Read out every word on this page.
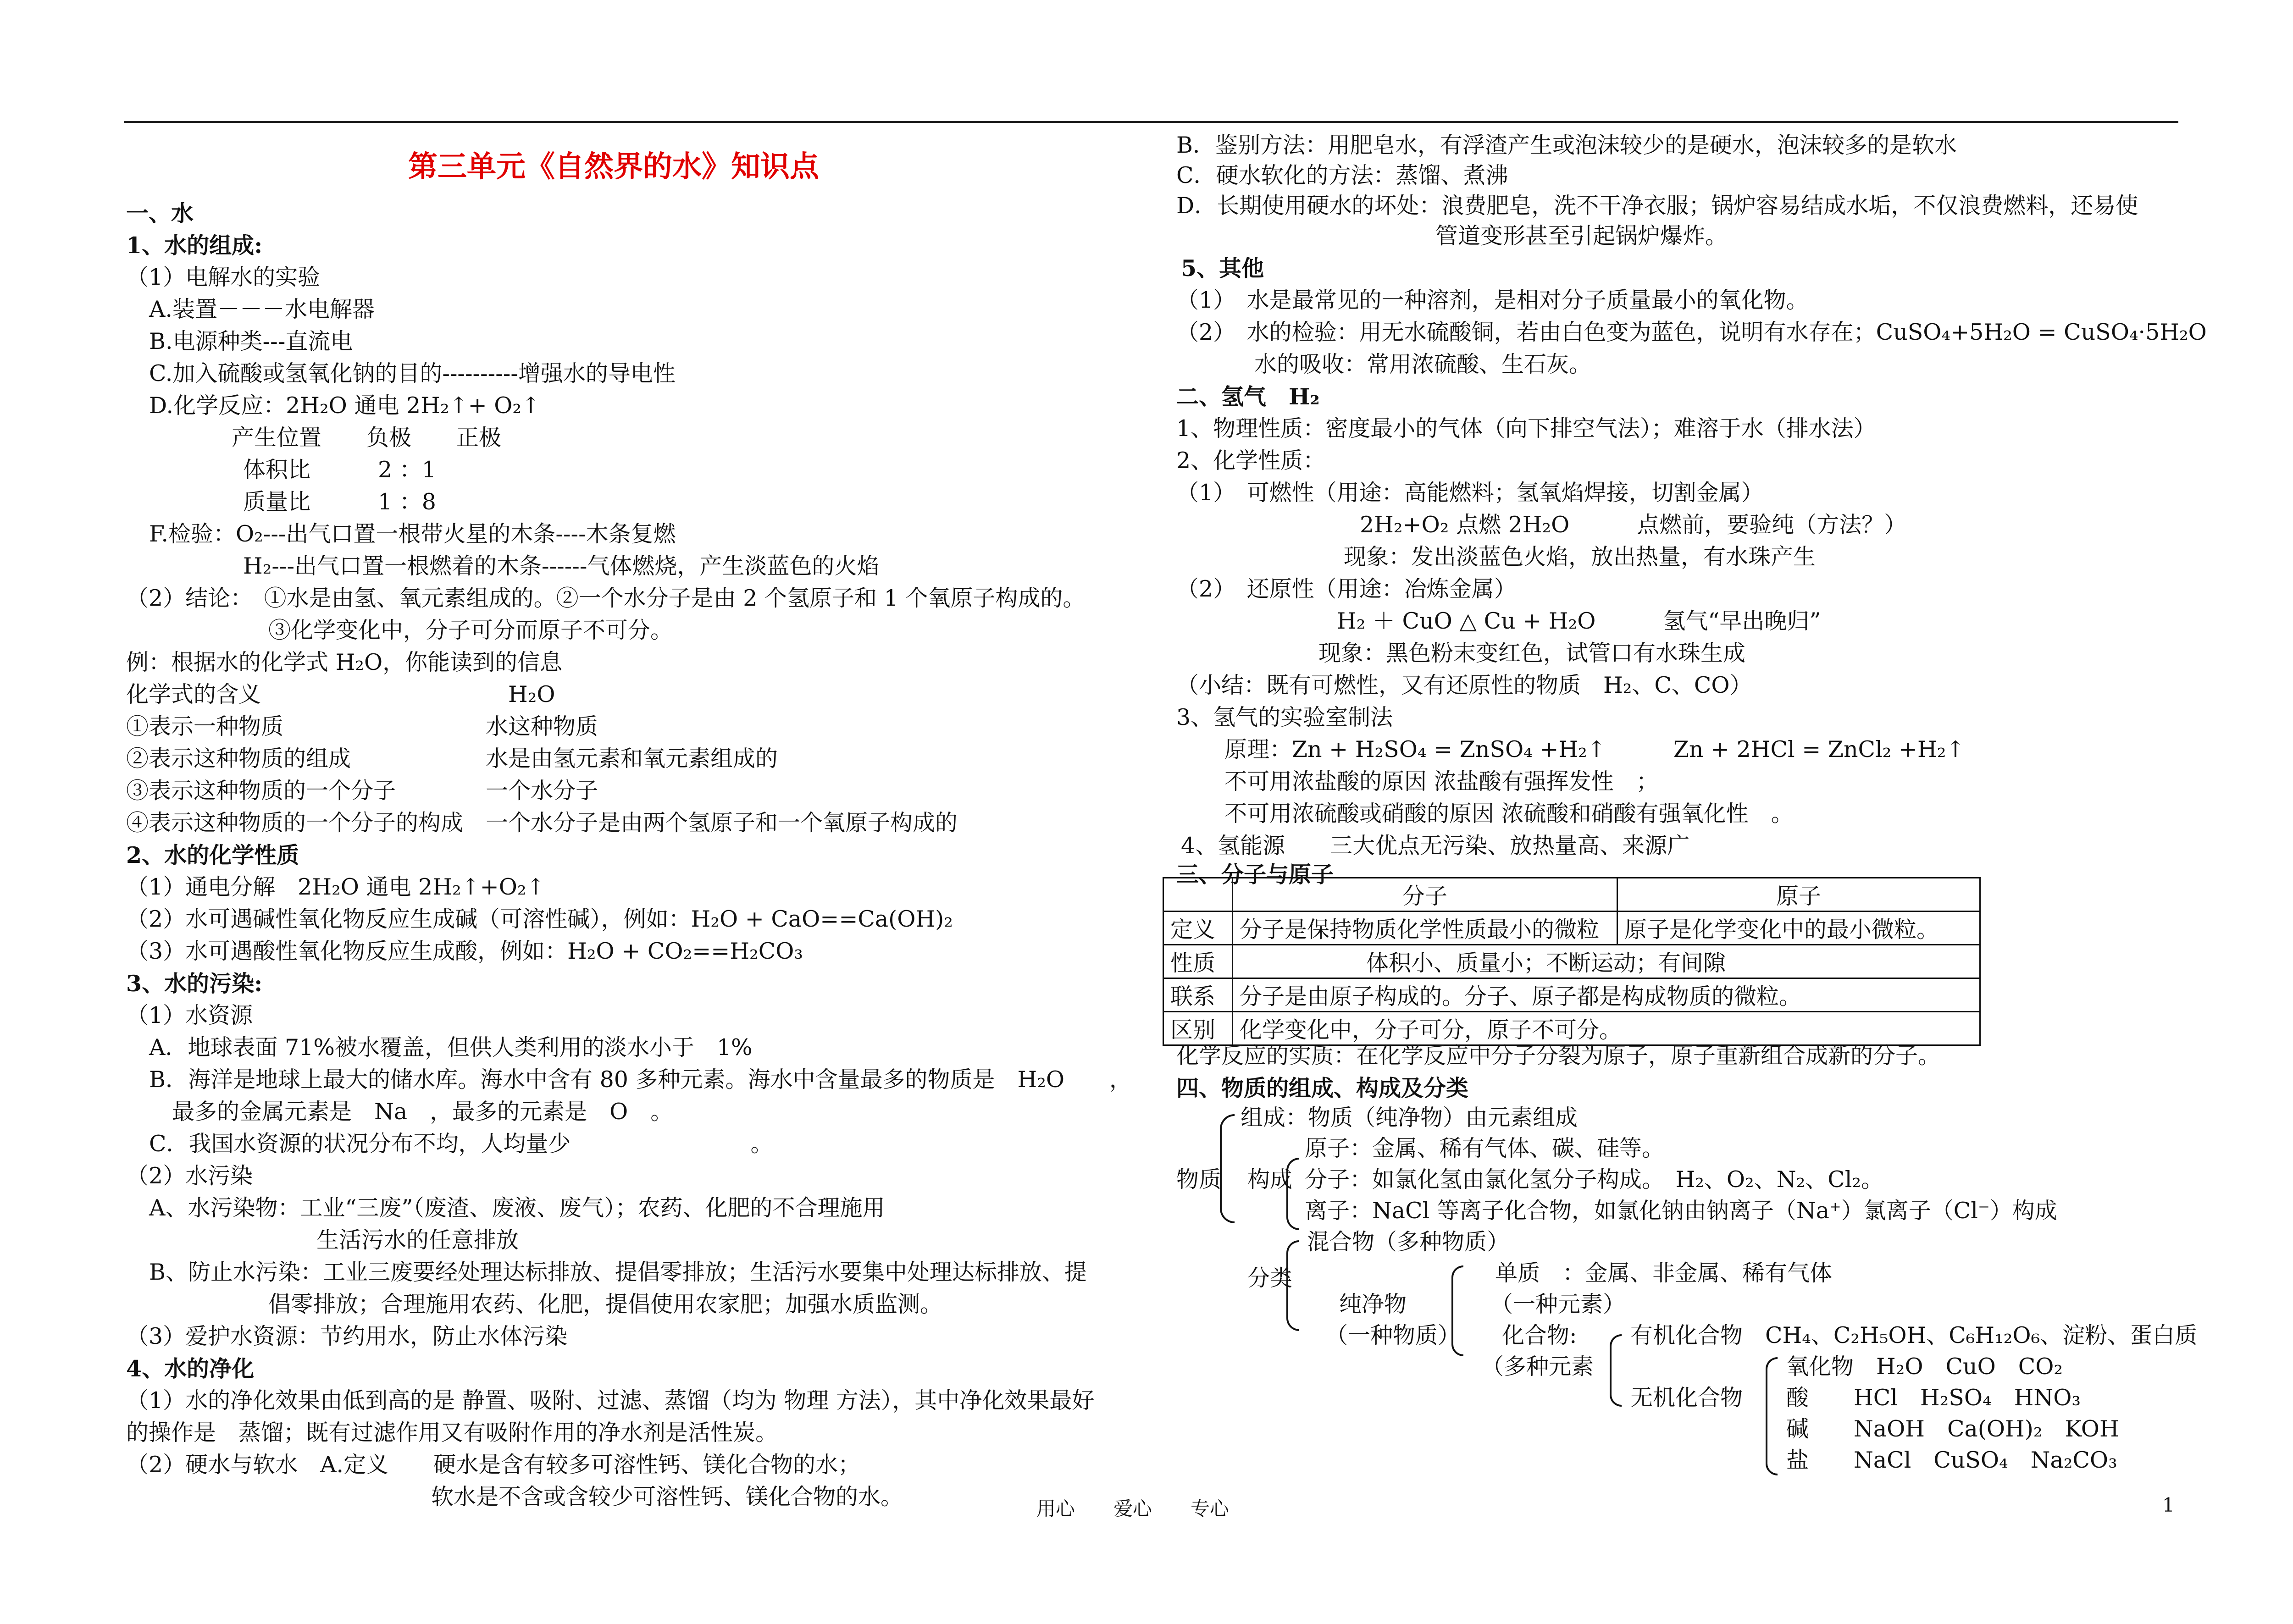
第三单元《自然界的水》知识点
一、水
1、水的组成:
（1）电解水的实验
A.装置－－－水电解器
B.电源种类---直流电
C.加入硫酸或氢氧化钠的目的----------增强水的导电性
D.化学反应：2H₂O 通电 2H₂↑+ O₂↑
产生位置　　负极　　正极
体积比　　　2 ：1
质量比　　　1 ：8
F.检验：O₂---出气口置一根带火星的木条----木条复燃
H₂---出气口置一根燃着的木条------气体燃烧，产生淡蓝色的火焰
（2）结论：　①水是由氢、氧元素组成的。②一个水分子是由 2 个氢原子和 1 个氧原子构成的。
③化学变化中，分子可分而原子不可分。
例：根据水的化学式 H₂O，你能读到的信息
化学式的含义　　　　　　　　　　　H₂O
①表示一种物质　　　　　　　　　水这种物质
②表示这种物质的组成　　　　　　水是由氢元素和氧元素组成的
③表示这种物质的一个分子　　　　一个水分子
④表示这种物质的一个分子的构成　一个水分子是由两个氢原子和一个氧原子构成的
2、水的化学性质
（1）通电分解　2H₂O 通电 2H₂↑+O₂↑
（2）水可遇碱性氧化物反应生成碱（可溶性碱），例如：H₂O + CaO==Ca(OH)₂
（3）水可遇酸性氧化物反应生成酸，例如：H₂O + CO₂==H₂CO₃
3、水的污染:
（1）水资源
A．地球表面 71%被水覆盖，但供人类利用的淡水小于　1%
B．海洋是地球上最大的储水库。海水中含有 80 多种元素。海水中含量最多的物质是　H₂O　　，
最多的金属元素是　Na　，最多的元素是　O　。
C．我国水资源的状况分布不均，人均量少　　　　　　　　。
（2）水污染
A、水污染物：工业“三废”（废渣、废液、废气）；农药、化肥的不合理施用
生活污水的任意排放
B、防止水污染：工业三废要经处理达标排放、提倡零排放；生活污水要集中处理达标排放、提
倡零排放；合理施用农药、化肥，提倡使用农家肥；加强水质监测。
（3）爱护水资源：节约用水，防止水体污染
4、水的净化
（1）水的净化效果由低到高的是 静置、吸附、过滤、蒸馏（均为 物理 方法），其中净化效果最好
的操作是　蒸馏；既有过滤作用又有吸附作用的净水剂是活性炭。
（2）硬水与软水　A.定义　　硬水是含有较多可溶性钙、镁化合物的水；
软水是不含或含较少可溶性钙、镁化合物的水。
B．鉴别方法：用肥皂水，有浮渣产生或泡沫较少的是硬水，泡沫较多的是软水
C．硬水软化的方法：蒸馏、煮沸
D．长期使用硬水的坏处：浪费肥皂，洗不干净衣服；锅炉容易结成水垢，不仅浪费燃料，还易使
管道变形甚至引起锅炉爆炸。
5、其他
（1）　水是最常见的一种溶剂，是相对分子质量最小的氧化物。
（2）　水的检验：用无水硫酸铜，若由白色变为蓝色，说明有水存在；CuSO₄+5H₂O = CuSO₄·5H₂O
水的吸收：常用浓硫酸、生石灰。
二、氢气　H₂
1、物理性质：密度最小的气体（向下排空气法）；难溶于水（排水法）
2、化学性质：
（1）　可燃性（用途：高能燃料；氢氧焰焊接，切割金属）
2H₂+O₂ 点燃 2H₂O　　　点燃前，要验纯（方法？）
现象：发出淡蓝色火焰，放出热量，有水珠产生
（2）　还原性（用途：冶炼金属）
H₂ ＋ CuO △ Cu + H₂O　　　氢气“早出晚归”
现象：黑色粉末变红色，试管口有水珠生成
（小结：既有可燃性，又有还原性的物质　H₂、C、CO）
3、氢气的实验室制法
原理：Zn + H₂SO₄ = ZnSO₄ +H₂↑　　　Zn + 2HCl = ZnCl₂ +H₂↑
不可用浓盐酸的原因 浓盐酸有强挥发性　；
不可用浓硫酸或硝酸的原因 浓硫酸和硝酸有强氧化性　。
4、氢能源　　三大优点无污染、放热量高、来源广
三、分子与原子
	分子	原子
定义	分子是保持物质化学性质最小的微粒	原子是化学变化中的最小微粒。
性质	体积小、质量小；不断运动；有间隙	
联系	分子是由原子构成的。分子、原子都是构成物质的微粒。	
区别	化学变化中，分子可分，原子不可分。	
化学反应的实质：在化学反应中分子分裂为原子，原子重新组合成新的分子。
四、物质的组成、构成及分类
物质
组成：物质（纯净物）由元素组成
构成
原子：金属、稀有气体、碳、硅等。
分子：如氯化氢由氯化氢分子构成。　H₂、O₂、N₂、Cl₂。
离子：NaCl 等离子化合物，如氯化钠由钠离子（Na⁺）氯离子（Cl⁻）构成
分类
混合物（多种物质）
纯净物
（一种物质）
单质　：金属、非金属、稀有气体
（一种元素）
化合物:
（多种元素
有机化合物　CH₄、C₂H₅OH、C₆H₁₂O₆、淀粉、蛋白质
无机化合物
氧化物　H₂O　CuO　CO₂
酸　　HCl　H₂SO₄　HNO₃
碱　　NaOH　Ca(OH)₂　KOH
盐　　NaCl　CuSO₄　Na₂CO₃
用心　　爱心　　专心	1
